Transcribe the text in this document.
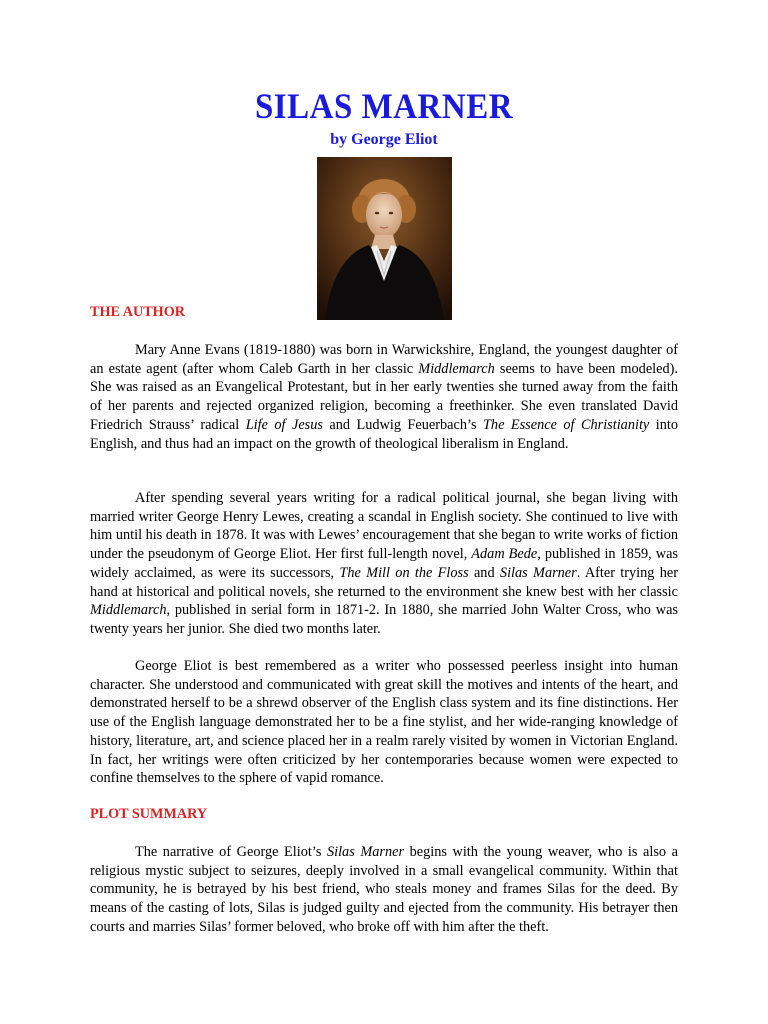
SILAS MARNER
by George Eliot
THE AUTHOR
Mary Anne Evans (1819-1880) was born in Warwickshire, England, the youngest daughter of an estate agent (after whom Caleb Garth in her classic Middlemarch seems to have been modeled). She was raised as an Evangelical Protestant, but in her early twenties she turned away from the faith of her parents and rejected organized religion, becoming a freethinker. She even translated David Friedrich Strauss’ radical Life of Jesus and Ludwig Feuerbach’s The Essence of Christianity into English, and thus had an impact on the growth of theological liberalism in England.
After spending several years writing for a radical political journal, she began living with married writer George Henry Lewes, creating a scandal in English society. She continued to live with him until his death in 1878. It was with Lewes’ encouragement that she began to write works of fiction under the pseudonym of George Eliot. Her first full-length novel, Adam Bede, published in 1859, was widely acclaimed, as were its successors, The Mill on the Floss and Silas Marner. After trying her hand at historical and political novels, she returned to the environment she knew best with her classic Middlemarch, published in serial form in 1871-2. In 1880, she married John Walter Cross, who was twenty years her junior. She died two months later.
George Eliot is best remembered as a writer who possessed peerless insight into human character. She understood and communicated with great skill the motives and intents of the heart, and demonstrated herself to be a shrewd observer of the English class system and its fine distinctions. Her use of the English language demonstrated her to be a fine stylist, and her wide-ranging knowledge of history, literature, art, and science placed her in a realm rarely visited by women in Victorian England. In fact, her writings were often criticized by her contemporaries because women were expected to confine themselves to the sphere of vapid romance.
PLOT SUMMARY
The narrative of George Eliot’s Silas Marner begins with the young weaver, who is also a religious mystic subject to seizures, deeply involved in a small evangelical community. Within that community, he is betrayed by his best friend, who steals money and frames Silas for the deed. By means of the casting of lots, Silas is judged guilty and ejected from the community. His betrayer then courts and marries Silas’ former beloved, who broke off with him after the theft.
